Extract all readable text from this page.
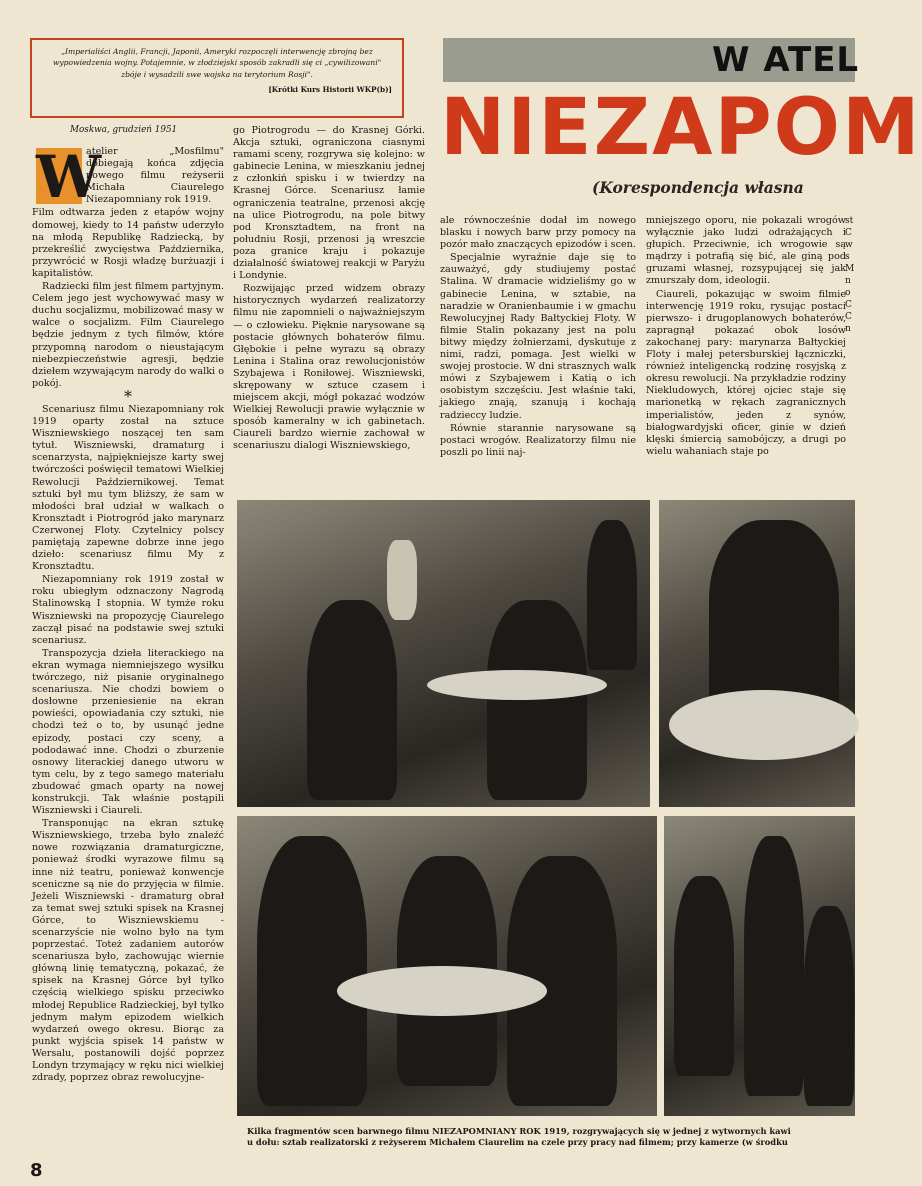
„Imperialiści Anglii, Francji, Japonii, Ameryki rozpoczęli interwencję zbrojną bez wypowiedzenia wojny. Potajemnie, w złodziejski sposób zakradli się ci „cywilizowani" zbóje i wysadzili swe wojska na terytorium Rosji".
[Krótki Kurs Historii WKP(b)]
W ATEL
NIEZAPOM
(Korespondencja własna
Moskwa, grudzień 1951
W

atelier „Mosfilmu" dobiegają końca zdjęcia nowego filmu reżyserii Michała Ciaurelego Niezapomniany rok 1919.

Film odtwarza jeden z etapów wojny domowej, kiedy to 14 państw uderzyło na młodą Republikę Radziecką, by przekreślić zwycięstwa Października, przywrócić w Rosji władzę burżuazji i kapitalistów.

Radziecki film jest filmem partyjnym. Celem jego jest wychowywać masy w duchu socjalizmu, mobilizować masy w walce o socjalizm. Film Ciaurelego będzie jednym z tych filmów, które przypomną narodom o nieustającym niebezpieczeństwie agresji, będzie dziełem wzywającym narody do walki o pokój.

*

Scenariusz filmu Niezapomniany rok 1919 oparty został na sztuce Wiszniewskiego noszącej ten sam tytuł. Wiszniewski, dramaturg i scenarzysta, najpiękniejsze karty swej twórczości poświęcił tematowi Wielkiej Rewolucji Październikowej. Temat sztuki był mu tym bliższy, że sam w młodości brał udział w walkach o Kronsztadt i Piotrogród jako marynarz Czerwonej Floty. Czytelnicy polscy pamiętają zapewne dobrze inne jego dzieło: scenariusz filmu My z Kronsztadtu.

Niezapomniany rok 1919 został w roku ubiegłym odznaczony Nagrodą Stalinowską I stopnia. W tymże roku Wiszniewski na propozycję Ciaurelego zaczął pisać na podstawie swej sztuki scenariusz.

Transpozycja dzieła literackiego na ekran wymaga niemniejszego wysiłku twórczego, niż pisanie oryginalnego scenariusza. Nie chodzi bowiem o dosłowne przeniesienie na ekran powieści, opowiadania czy sztuki, nie chodzi też o to, by usunąć jedne epizody, postaci czy sceny, a pododawać inne. Chodzi o zburzenie osnowy literackiej danego utworu w tym celu, by z tego samego materiału zbudować gmach oparty na nowej konstrukcji. Tak właśnie postąpili Wiszniewski i Ciaureli.

Transponując na ekran sztukę Wiszniewskiego, trzeba było znaleźć nowe rozwiązania dramaturgiczne, ponieważ środki wyrazowe filmu są inne niż teatru, ponieważ konwencje sceniczne są nie do przyjęcia w filmie. Jeżeli Wiszniewski - dramaturg obrał za temat swej sztuki spisek na Krasnej Górce, to Wiszniewskiemu - scenarzyście nie wolno było na tym poprzestać. Toteż zadaniem autorów scenariusza było, zachowując wiernie główną linię tematyczną, pokazać, że spisek na Krasnej Górce był tylko częścią wielkiego spisku przeciwko młodej Republice Radzieckiej, był tylko jednym małym epizodem wielkich wydarzeń owego okresu. Biorąc za punkt wyjścia spisek 14 państw w Wersalu, postanowili dojść poprzez Londyn trzymający w ręku nici wielkiej zdrady, poprzez obraz rewolucyjne-

go Piotrogrodu — do Krasnej Górki. Akcja sztuki, ograniczona ciasnymi ramami sceny, rozgrywa się kolejno: w gabinecie Lenina, w mieszkaniu jednej z członkiń spisku i w twierdzy na Krasnej Górce. Scenariusz łamie ograniczenia teatralne, przenosi akcję na ulice Piotrogrodu, na pole bitwy pod Kronsztadtem, na front na południu Rosji, przenosi ją wreszcie poza granice kraju i pokazuje działalność światowej reakcji w Paryżu i Londynie.

Rozwijając przed widzem obrazy historycznych wydarzeń realizatorzy filmu nie zapomnieli o najważniejszym — o człowieku. Pięknie narysowane są postacie głównych bohaterów filmu. Głębokie i pełne wyrazu są obrazy Lenina i Stalina oraz rewolucjonistów Szybajewa i Roniłowej. Wiszniewski, skrępowany w sztuce czasem i miejscem akcji, mógł pokazać wodzów Wielkiej Rewolucji prawie wyłącznie w sposób kameralny w ich gabinetach. Ciaureli bardzo wiernie zachował w scenariuszu dialogi Wiszniewskiego,

ale równocześnie dodał im nowego blasku i nowych barw przy pomocy na pozór mało znaczących epizodów i scen.

Specjalnie wyraźnie daje się to zauważyć, gdy studiujemy postać Stalina. W dramacie widzieliśmy go w gabinecie Lenina, w sztabie, na naradzie w Oranienbaumie i w gmachu Rewolucyjnej Rady Bałtyckiej Floty. W filmie Stalin pokazany jest na polu bitwy między żołnierzami, dyskutuje z nimi, radzi, pomaga. Jest wielki w swojej prostocie. W dni strasznych walk mówi z Szybajewem i Katią o ich osobistym szczęściu. Jest właśnie taki, jakiego znają, szanują i kochają radzieccy ludzie.

Równie starannie narysowane są postaci wrogów. Realizatorzy filmu nie poszli po linii naj-

mniejszego oporu, nie pokazali wrogów wyłącznie jako ludzi odrażających i głupich. Przeciwnie, ich wrogowie są mądrzy i potrafią się bić, ale giną pod gruzami własnej, rozsypującej się jak zmurszały dom, ideologii.

Ciaureli, pokazując w swoim filmie interwencję 1919 roku, rysując postaci pierwszo- i drugoplanowych bohaterów, zapragnął pokazać obok losów zakochanej pary: marynarza Bałtyckiej Floty i małej petersburskiej łączniczki, również inteligencką rodzinę rosyjską z okresu rewolucji. Na przykładzie rodziny Niekludowych, której ojciec staje się marionetką w rękach zagranicznych imperialistów, jeden z synów, białogwardyjski oficer, ginie w dzień klęski śmiercią samobójczy, a drugi po wielu wahaniach staje po

st C w s M n o C C n
Kilka fragmentów scen barwnego filmu NIEZAPOMNIANY ROK 1919, rozgrywających się w jednej z wytwornych kawi
u dołu: sztab realizatorski z reżyserem Michałem Ciaurelim na czele przy pracy nad filmem; przy kamerze (w środku
8
